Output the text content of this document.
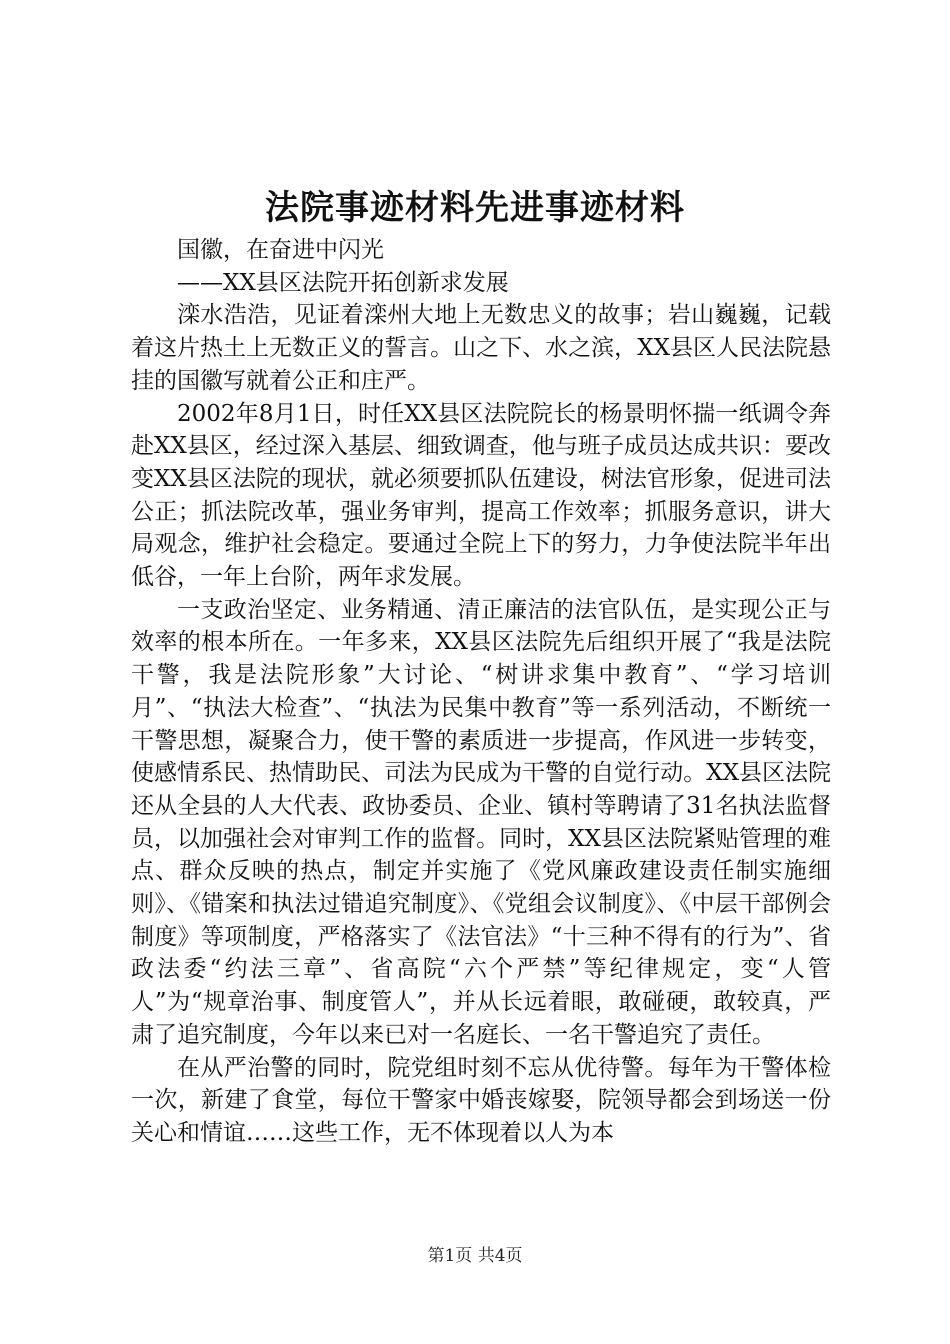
法院事迹材料先进事迹材料

国徽，在奋进中闪光

——XX县区法院开拓创新求发展

滦水浩浩，见证着滦州大地上无数忠义的故事；岩山巍巍，记载着这片热土上无数正义的誓言。山之下、水之滨，XX县区人民法院悬挂的国徽写就着公正和庄严。

2002年8月1日，时任XX县区法院院长的杨景明怀揣一纸调令奔赴XX县区，经过深入基层、细致调查，他与班子成员达成共识：要改变XX县区法院的现状，就必须要抓队伍建设，树法官形象，促进司法公正；抓法院改革，强业务审判，提高工作效率；抓服务意识，讲大局观念，维护社会稳定。要通过全院上下的努力，力争使法院半年出低谷，一年上台阶，两年求发展。

一支政治坚定、业务精通、清正廉洁的法官队伍，是实现公正与效率的根本所在。一年多来，XX县区法院先后组织开展了“我是法院干警，我是法院形象”大讨论、“树讲求集中教育”、“学习培训月”、“执法大检查”、“执法为民集中教育”等一系列活动，不断统一干警思想，凝聚合力，使干警的素质进一步提高，作风进一步转变，使感情系民、热情助民、司法为民成为干警的自觉行动。XX县区法院还从全县的人大代表、政协委员、企业、镇村等聘请了31名执法监督员，以加强社会对审判工作的监督。同时，XX县区法院紧贴管理的难点、群众反映的热点，制定并实施了《党风廉政建设责任制实施细则》、《错案和执法过错追究制度》、《党组会议制度》、《中层干部例会制度》等项制度，严格落实了《法官法》“十三种不得有的行为”、省政法委“约法三章”、省高院“六个严禁”等纪律规定，变“人管人”为“规章治事、制度管人”，并从长远着眼，敢碰硬，敢较真，严肃了追究制度，今年以来已对一名庭长、一名干警追究了责任。

在从严治警的同时，院党组时刻不忘从优待警。每年为干警体检一次，新建了食堂，每位干警家中婚丧嫁娶，院领导都会到场送一份关心和情谊……这些工作，无不体现着以人为本

第1页 共4页
